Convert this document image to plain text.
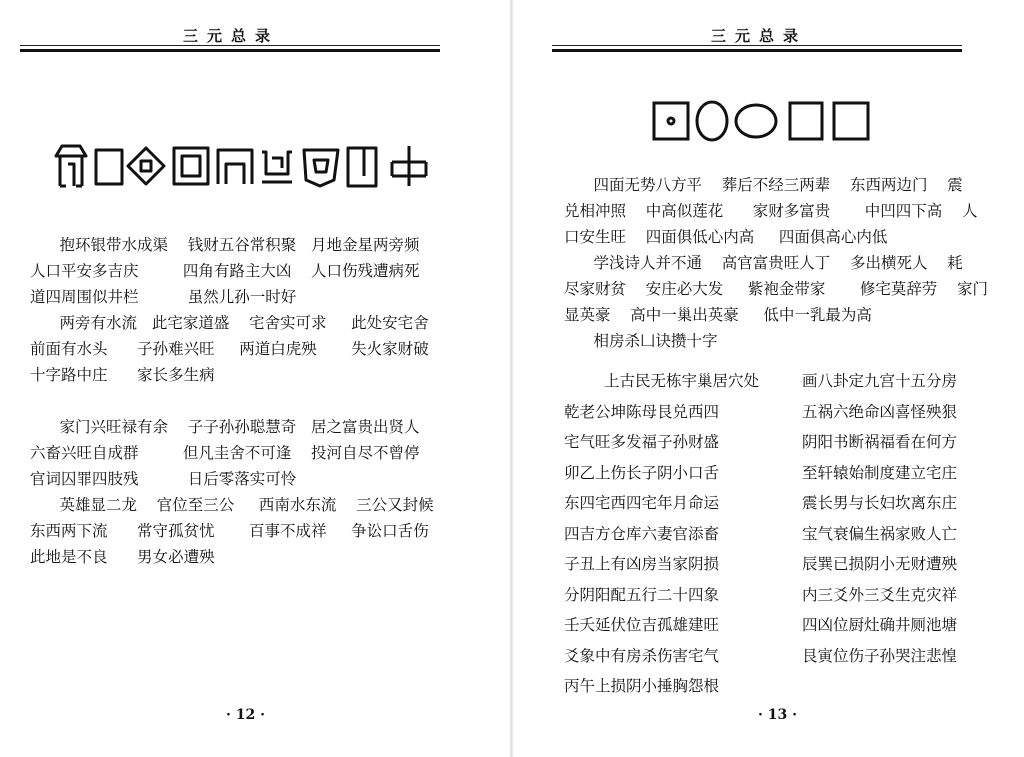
三元总录
抱环银带水成渠    钱财五谷常积聚   月地金星两旁频
人口平安多吉庆         四角有路主大凶    人口伤残遭病死
道四周围似井栏          虽然儿孙一时好
两旁有水流   此宅家道盛    宅舍实可求     此处安宅舍
前面有水头      子孙难兴旺     两道白虎殃       失火家财破
十字路中庄      家长多生病
家门兴旺禄有余    子子孙孙聪慧奇   居之富贵出贤人
六畜兴旺自成群         但凡圭舍不可逢    投河自尽不曾停
官词囚罪四肢残          日后零落实可怜
英雄显二龙    官位至三公     西南水东流    三公又封候
东西两下流      常守孤贫忧       百事不成祥     争讼口舌伤
此地是不良      男女必遭殃
· 12 ·
三元总录
四面无势八方平    葬后不经三两辈    东西两边门    震
兑相冲照    中高似莲花      家财多富贵       中凹四下高    人
口安生旺    四面俱低心内高     四面俱高心内低
学浅诗人并不通    高官富贵旺人丁    多出横死人    耗
尽家财贫    安庄必大发     紫袍金带家       修宅莫辞劳    家门
显英豪    高中一巢出英豪     低中一乳最为高
相房杀凵诀攒十字
上古民无栋宇巢居穴处
乾老公坤陈母艮兑西四
宅气旺多发福子孙财盛
卯乙上伤长子阴小口舌
东四宅西四宅年月命运
四吉方仓库六妻官添畜
子丑上有凶房当家阴损
分阴阳配五行二十四象
壬夭延伏位吉孤雄建旺
爻象中有房杀伤害宅气
丙午上损阴小捶胸怨根
画八卦定九宫十五分房
五祸六绝命凶喜怪殃狠
阴阳书断祸福看在何方
至轩辕始制度建立宅庄
震长男与长妇坎离东庄
宝气衰偏生祸家败人亡
辰巽已损阴小无财遭殃
内三爻外三爻生克灾祥
四凶位厨灶确井厕池塘
艮寅位伤子孙哭注悲惶
· 13 ·
